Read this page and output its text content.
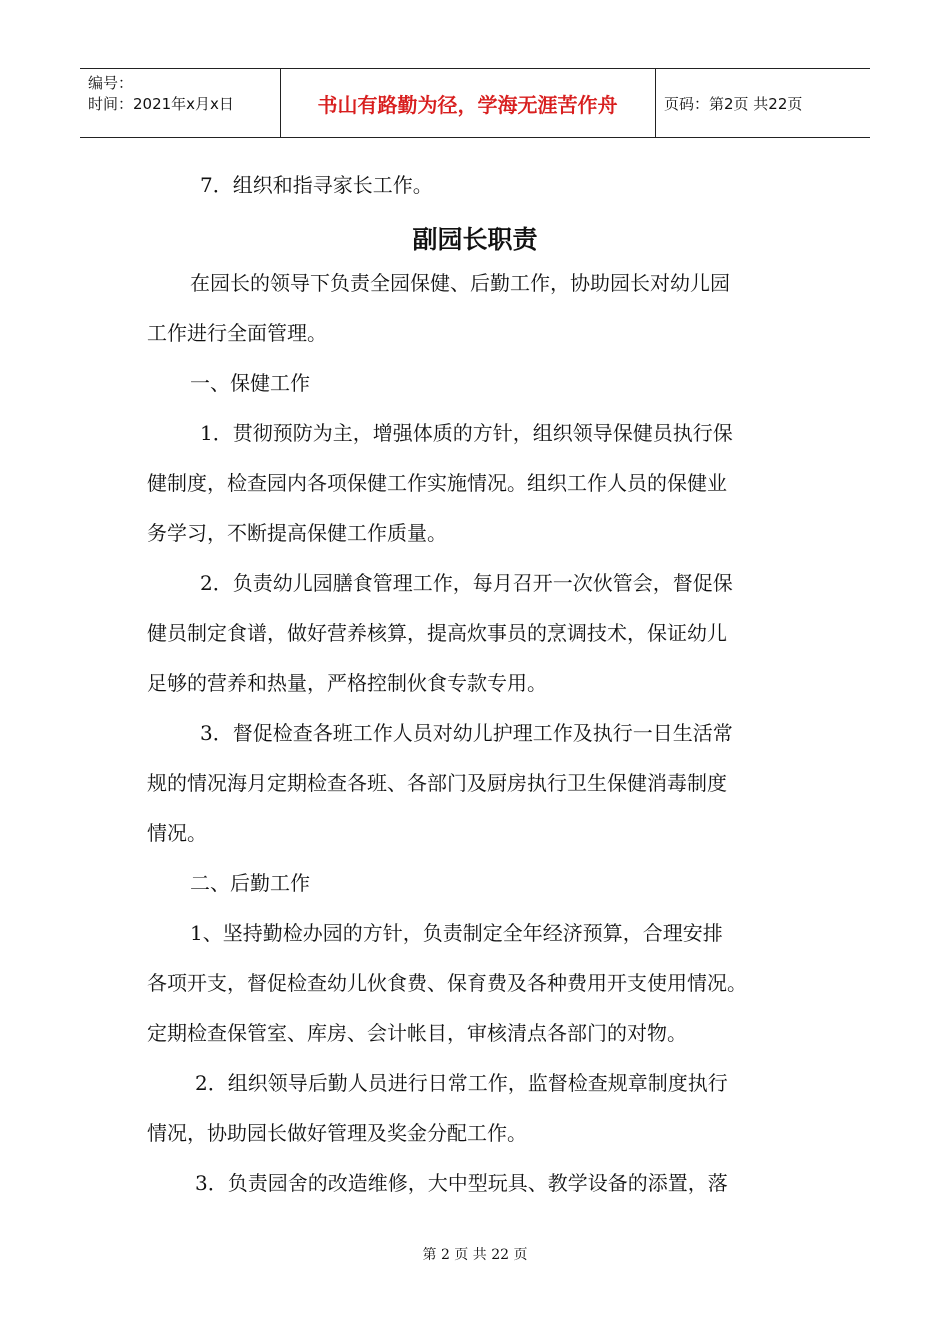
编号：
时间：2021年x月x日	书山有路勤为径，学海无涯苦作舟	页码：第2页 共22页
7．组织和指寻家长工作。
副园长职责
在园长的领导下负责全园保健、后勤工作，协助园长对幼儿园
工作进行全面管理。
一、保健工作
1．贯彻预防为主，增强体质的方针，组织领导保健员执行保
健制度，检查园内各项保健工作实施情况。组织工作人员的保健业
务学习，不断提高保健工作质量。
2．负责幼儿园膳食管理工作，每月召开一次伙管会，督促保
健员制定食谱，做好营养核算，提高炊事员的烹调技术，保证幼儿
足够的营养和热量，严格控制伙食专款专用。
3．督促检查各班工作人员对幼儿护理工作及执行一日生活常
规的情况海月定期检查各班、各部门及厨房执行卫生保健消毒制度
情况。
二、后勤工作
1、坚持勤检办园的方针，负责制定全年经济预算，合理安排
各项开支，督促检查幼儿伙食费、保育费及各种费用开支使用情况。
定期检查保管室、库房、会计帐目，审核清点各部门的对物。
2．组织领导后勤人员进行日常工作，监督检查规章制度执行
情况，协助园长做好管理及奖金分配工作。
3．负责园舍的改造维修，大中型玩具、教学设备的添置，落
第 2 页 共 22 页
